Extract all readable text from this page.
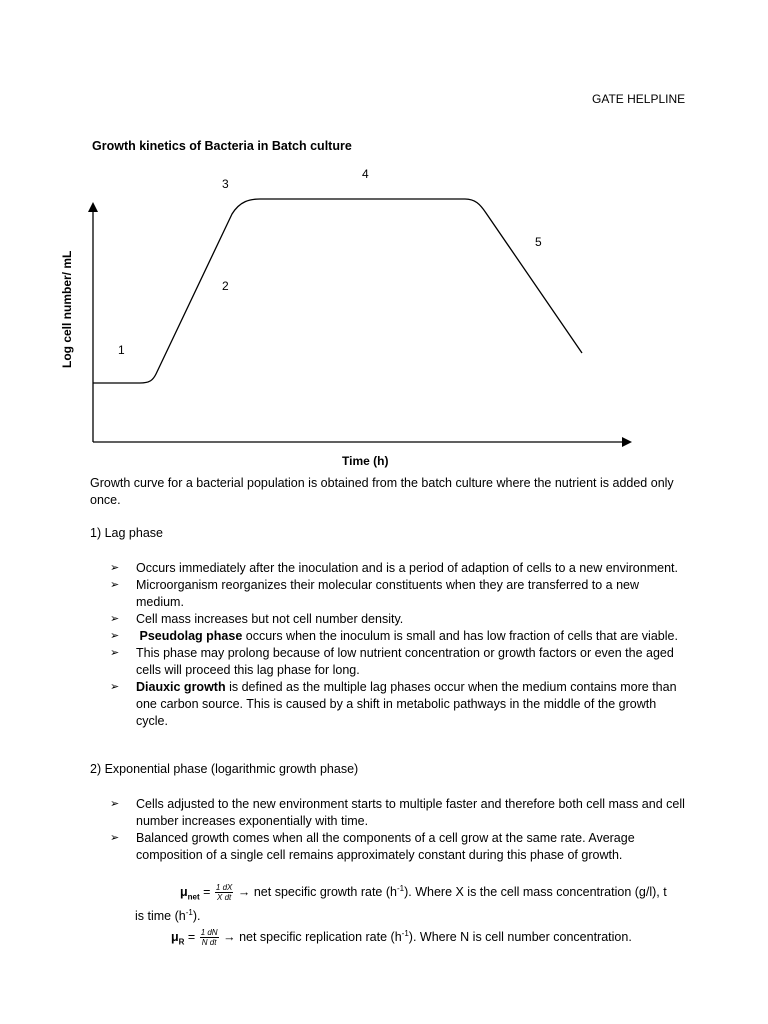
GATE HELPLINE
Growth kinetics of Bacteria in Batch culture
1
2
3
4
5
Time (h)
Log cell number/ mL
Growth curve for a bacterial population is obtained from the batch culture where the nutrient is added only once.
1) Lag phase
➢ Occurs immediately after the inoculation and is a period of adaption of cells to a new environment.
➢ Microorganism reorganizes their molecular constituents when they are transferred to a new medium.
➢ Cell mass increases but not cell number density.
➢ Pseudolag phase occurs when the inoculum is small and has low fraction of cells that are viable.
➢ This phase may prolong because of low nutrient concentration or growth factors or even the aged cells will proceed this lag phase for long.
➢ Diauxic growth is defined as the multiple lag phases occur when the medium contains more than one carbon source. This is caused by a shift in metabolic pathways in the middle of the growth cycle.
2) Exponential phase (logarithmic growth phase)
➢ Cells adjusted to the new environment starts to multiple faster and therefore both cell mass and cell number increases exponentially with time.
➢ Balanced growth comes when all the components of a cell grow at the same rate. Average composition of a single cell remains approximately constant during this phase of growth.
$\mu_{net} = \frac{1 dX}{\text{X dt}}$ → net specific growth rate $(h^{-1})$. Where X is the cell mass concentration (g/l), t
is time $(h^{-1})$.
$\mu_R = \frac{1 dN}{\text{N dt}}$ → net specific replication rate $(h^{-1})$. Where N is cell number concentration.
